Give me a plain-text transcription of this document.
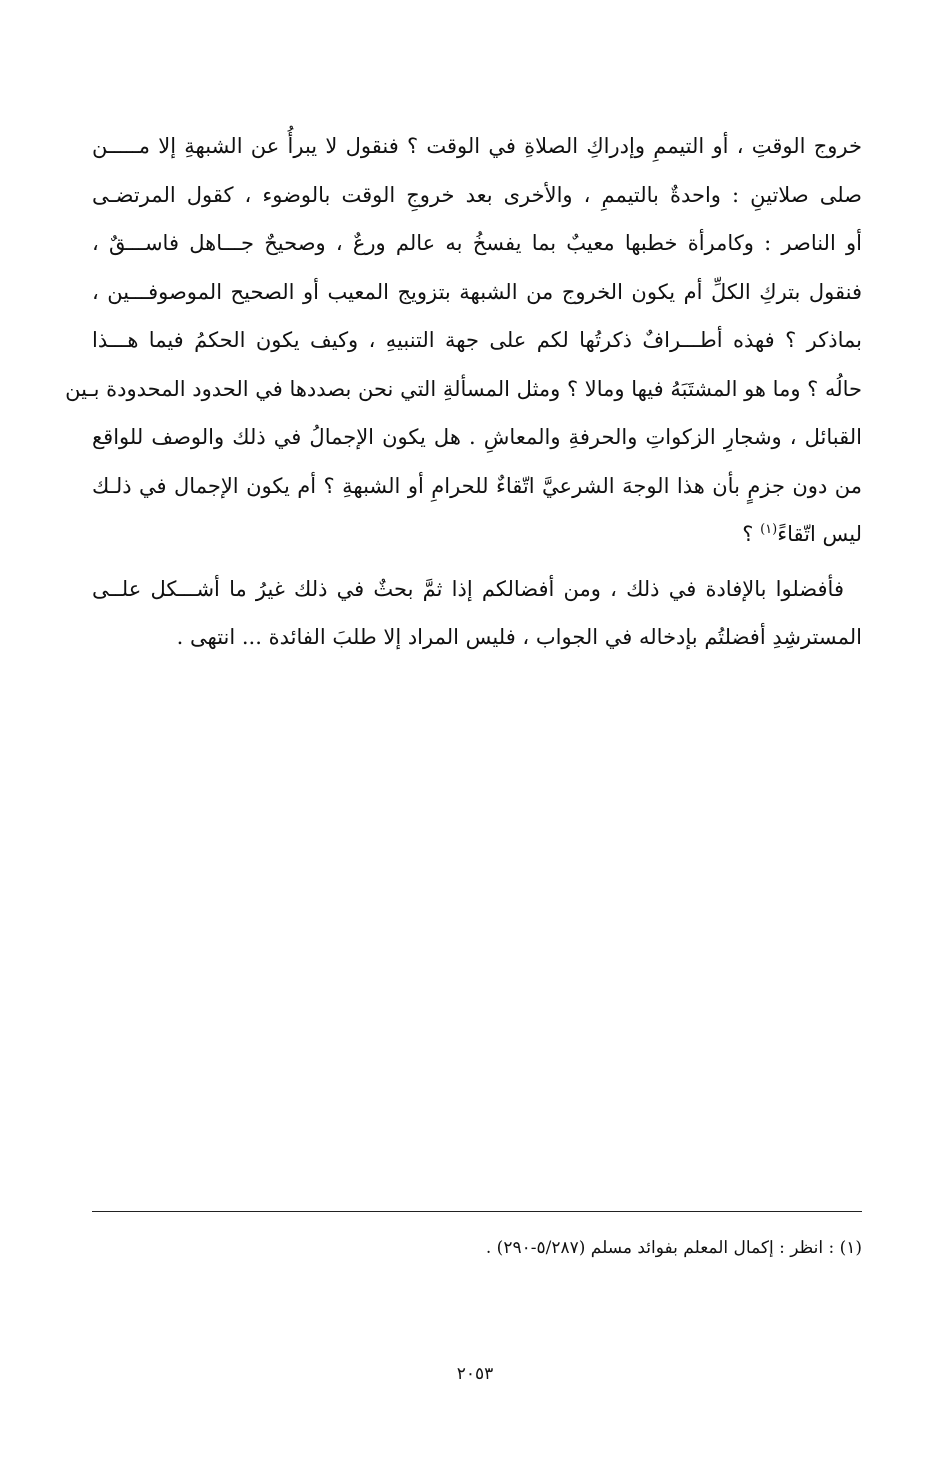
خروج الوقتِ ، أو التيممِ وإدراكِ الصلاةِ في الوقت ؟ فنقول لا يبرأُ عن الشبهةِ إلا مـــــن
صلى صلاتينِ : واحدةٌ بالتيممِ ، والأخرى بعد خروجِ الوقت بالوضوء ، كقول المرتضـى
أو الناصر : وكامرأة خطبها معيبٌ بما يفسخُ به عالم ورعٌ ، وصحيحٌ جـــاهل فاســـقٌ ،
فنقول بتركِ الكلِّ أم يكون الخروج من الشبهة بتزويج المعيب أو الصحيح الموصوفـــين ،
بماذكر ؟ فهذه أطـــرافٌ ذكرتُها لكم على جهة التنبيهِ ، وكيف يكون الحكمُ فيما هـــذا
حالُه ؟ وما هو المشتَبَهُ فيها ومالا ؟ ومثل المسألةِ التي نحن بصددها في الحدود المحدودة بـين
القبائل ، وشجارِ الزكواتِ والحرفةِ والمعاشِ . هل يكون الإجمالُ في ذلك والوصف للواقع
من دون جزمٍ بأن هذا الوجهَ الشرعيَّ اتّقاءٌ للحرامِ أو الشبهةِ ؟ أم يكون الإجمال في ذلـك
ليس اتّقاءً$^{(١)}$ ؟
فأفضلوا بالإفادة في ذلك ، ومن أفضالكم إذا ثمَّ بحثٌ في ذلك غيرُ ما أشـــكل علــى
المسترشِدِ أفضلتُم بإدخاله في الجواب ، فليس المراد إلا طلبَ الفائدة ... انتهى .
(١) : انظر : إكمال المعلم بفوائد مسلم (٥/٢٨٧-٢٩٠) .
٢٠٥٣
